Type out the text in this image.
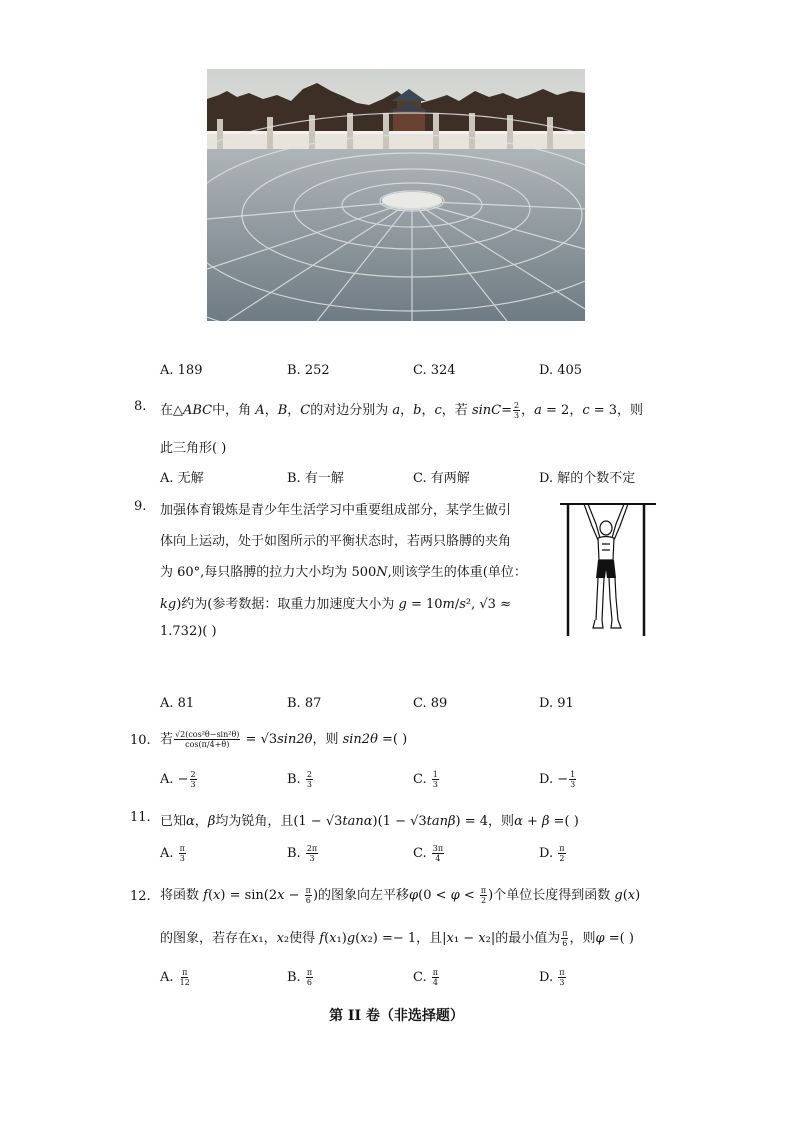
A. 189	B. 252	C. 324	D. 405
8. 在△ABC中，角 A，B，C的对边分别为 a，b，c，若 $\sin C= \frac{2}{3}$ ，a = 2，c = 3，则
此三角形( )
A. 无解	B. 有一解	C. 有两解	D. 解的个数不定
9. 加强体育锻炼是青少年生活学习中重要组成部分，某学生做引
体向上运动，处于如图所示的平衡状态时，若两只胳膊的夹角
为 60°,每只胳膊的拉力大小均为 500N,则该学生的体重(单位：
kg)约为(参考数据：取重力加速度大小为 g = 10m/s², √3 ≈
1.732)( )
A. 81	B. 87	C. 89	D. 91
10. 若 $\frac{\text{√2(cos²θ−sin²θ)}}{\cos(\pi/4+\theta)} = √3\sin 2\theta$，则 sin2θ =( )
A. − $\frac{2}{3}$	B. $\frac{2}{3}$	C. $\frac{1}{3}$	D. − $\frac{1}{3}$
11. 已知α，β均为锐角，且(1 − √3tanα)(1 − √3tanβ) = 4，则α + β =( )
A. $\frac{\pi}{3}$	B. $\frac{2\pi}{3}$	C. $\frac{3\pi}{4}$	D. $\frac{\pi}{2}$
12. 将函数 $f(x) = \sin(2x - \frac{\pi}{6}$ )的图象向左平移$\varphi(0 < \varphi < \frac{\pi}{2}$ )个单位长度得到函数 g(x)
的图象，若存在x₁，x₂使得 f(x₁)g(x₂) =− 1，且|x₁ − x₂|的最小值为 $\frac{\pi}{6}$ ，则φ =( )
A. $\frac{\pi}{12}$	B. $\frac{\pi}{6}$	C. $\frac{\pi}{4}$	D. $\frac{\pi}{3}$
第 II 卷（非选择题）
